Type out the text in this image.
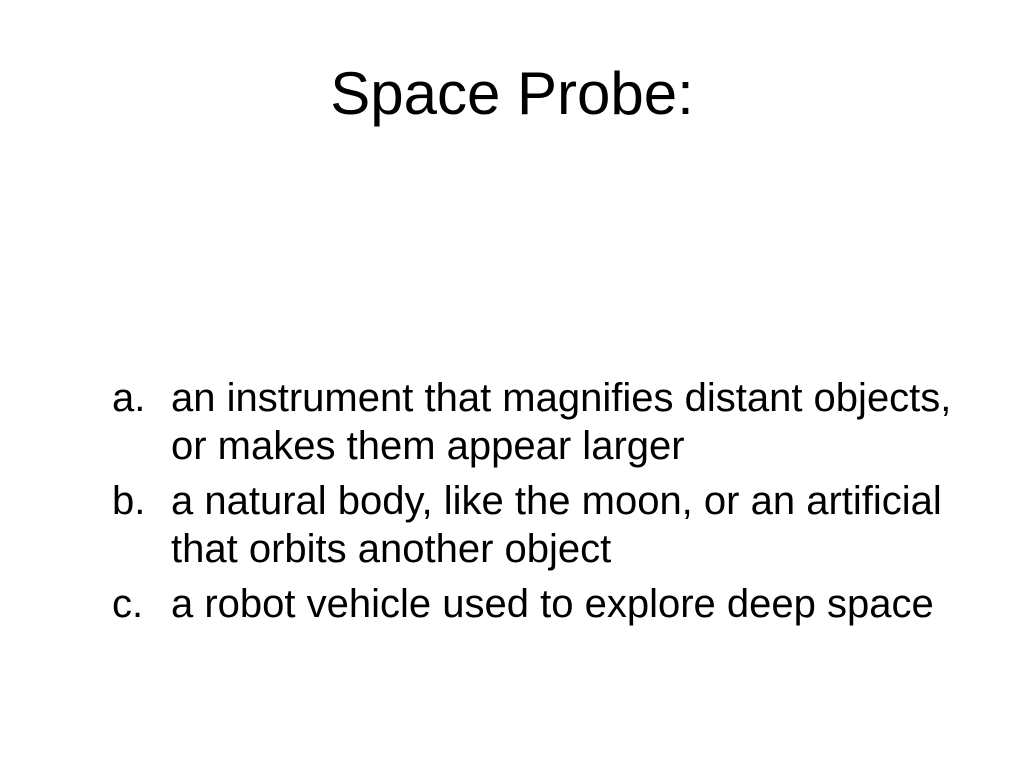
Space Probe:
a. an instrument that magnifies distant objects, or makes them appear larger
b. a natural body, like the moon, or an artificial that orbits another object
c. a robot vehicle used to explore deep space
